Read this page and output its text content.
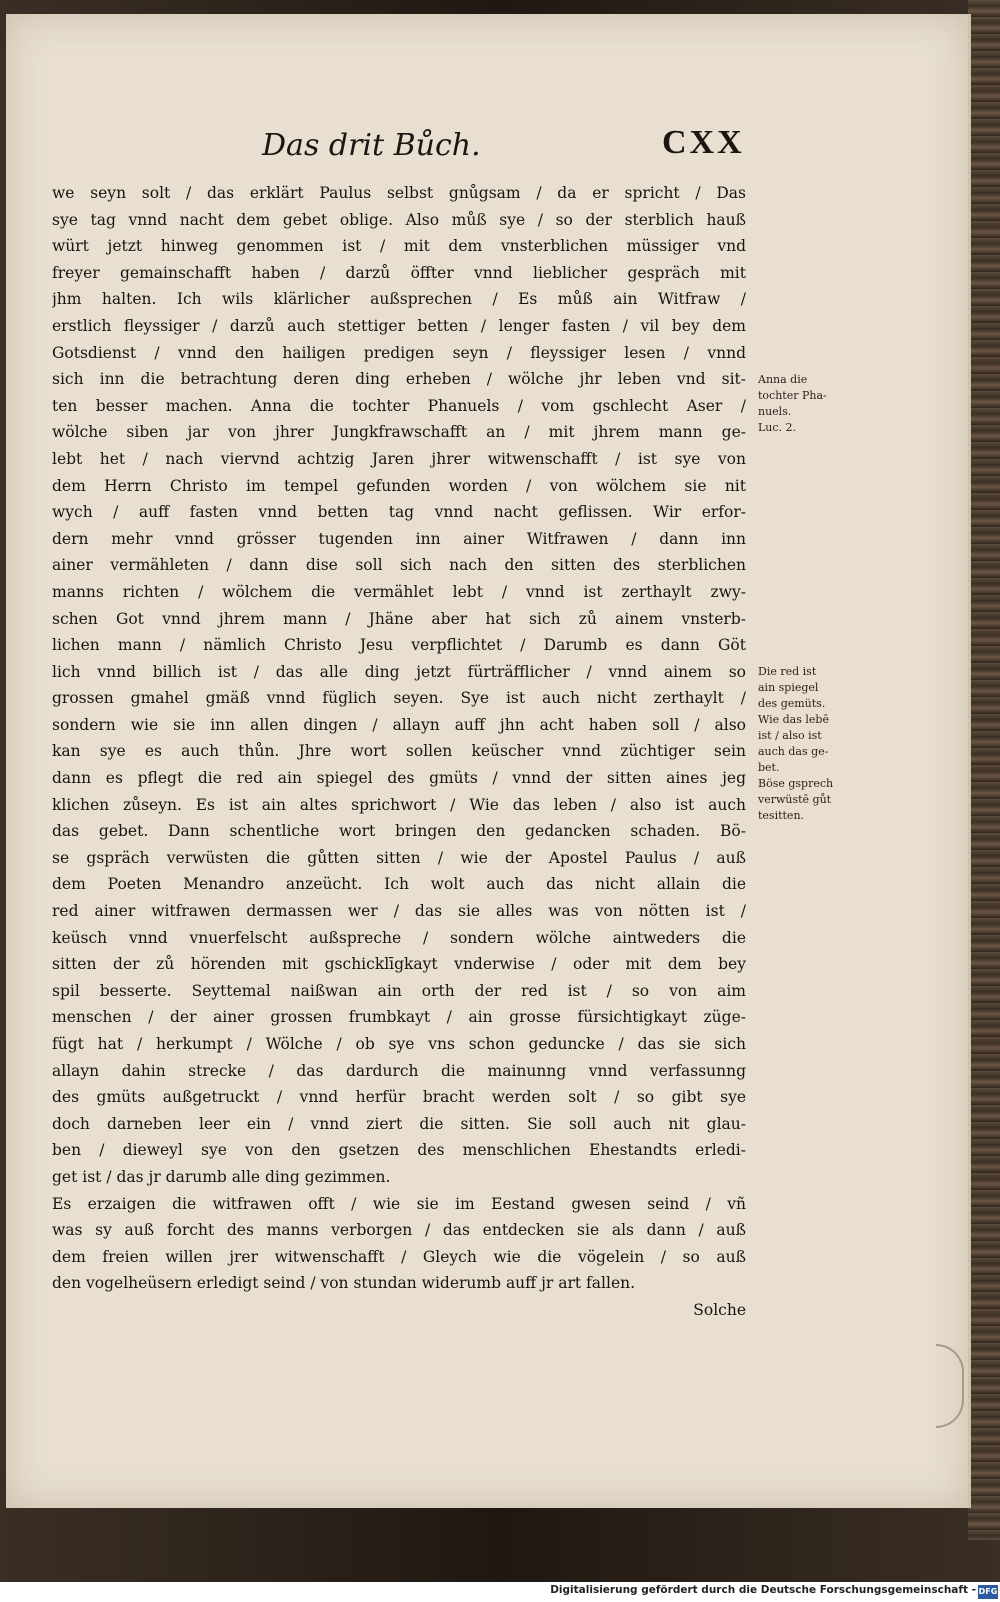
Das drit Bůch.	CXX
we seyn solt / das erklärt Paulus selbst gnůgsam / da er spricht / Das
sye tag vnnd nacht dem gebet oblige. Also můß sye / so der sterblich hauß
würt jetzt hinweg genommen ist / mit dem vnsterblichen müssiger vnd
freyer gemainschafft haben / darzů öffter vnnd lieblicher gespräch mit
jhm halten. Ich wils klärlicher außsprechen / Es můß ain Witfraw /
erstlich fleyssiger / darzů auch stettiger betten / lenger fasten / vil bey dem
Gotsdienst / vnnd den hailigen predigen seyn / fleyssiger lesen / vnnd
sich inn die betrachtung deren ding erheben / wölche jhr leben vnd sit-
ten besser machen. Anna die tochter Phanuels / vom gschlecht Aser /
wölche siben jar von jhrer Jungkfrawschafft an / mit jhrem mann ge-
lebt het / nach viervnd achtzig Jaren jhrer witwenschafft / ist sye von
dem Herrn Christo im tempel gefunden worden / von wölchem sie nit
wych / auff fasten vnnd betten tag vnnd nacht geflissen. Wir erfor-
dern mehr vnnd grösser tugenden inn ainer Witfrawen / dann inn
ainer vermähleten / dann dise soll sich nach den sitten des sterblichen
manns richten / wölchem die vermählet lebt / vnnd ist zerthaylt zwy-
schen Got vnnd jhrem mann / Jhäne aber hat sich zů ainem vnsterb-
lichen mann / nämlich Christo Jesu verpflichtet / Darumb es dann Göt
lich vnnd billich ist / das alle ding jetzt fürträfflicher / vnnd ainem so
grossen gmahel gmäß vnnd füglich seyen. Sye ist auch nicht zerthaylt /
sondern wie sie inn allen dingen / allayn auff jhn acht haben soll / also
kan sye es auch thůn. Jhre wort sollen keüscher vnnd züchtiger sein
dann es pflegt die red ain spiegel des gmüts / vnnd der sitten aines jeg
klichen zůseyn. Es ist ain altes sprichwort / Wie das leben / also ist auch
das gebet. Dann schentliche wort bringen den gedancken schaden. Bö-
se gspräch verwüsten die gůtten sitten / wie der Apostel Paulus / auß
dem Poeten Menandro anzeücht. Ich wolt auch das nicht allain die
red ainer witfrawen dermassen wer / das sie alles was von nötten ist /
keüsch vnnd vnuerfelscht außspreche / sondern wölche aintweders die
sitten der zů hörenden mit gschicklīgkayt vnderwise / oder mit dem bey
spil besserte. Seyttemal naißwan ain orth der red ist / so von aim
menschen / der ainer grossen frumbkayt / ain grosse fürsichtigkayt züge-
fügt hat / herkumpt / Wölche / ob sye vns schon geduncke / das sie sich
allayn dahin strecke / das dardurch die mainunng vnnd verfassunng
des gmüts außgetruckt / vnnd herfür bracht werden solt / so gibt sye
doch darneben leer ein / vnnd ziert die sitten. Sie soll auch nit glau-
ben / dieweyl sye von den gsetzen des menschlichen Ehestandts erledi-
get ist / das jr darumb alle ding gezimmen.
Es erzaigen die witfrawen offt / wie sie im Eestand gwesen seind / vñ
was sy auß forcht des manns verborgen / das entdecken sie als dann / auß
dem freien willen jrer witwenschafft / Gleych wie die vögelein / so auß
den vogelheüsern erledigt seind / von stundan widerumb auff jr art fallen.
Solche
Anna die
tochter Pha-
nuels.
Luc. 2.
Die red ist
ain spiegel
des gemüts.
Wie das lebē
ist / also ist
auch das ge-
bet.
Böse gsprech
verwüstē gůt
tesitten.
Digitalisierung gefördert durch die Deutsche Forschungsgemeinschaft - DFG
